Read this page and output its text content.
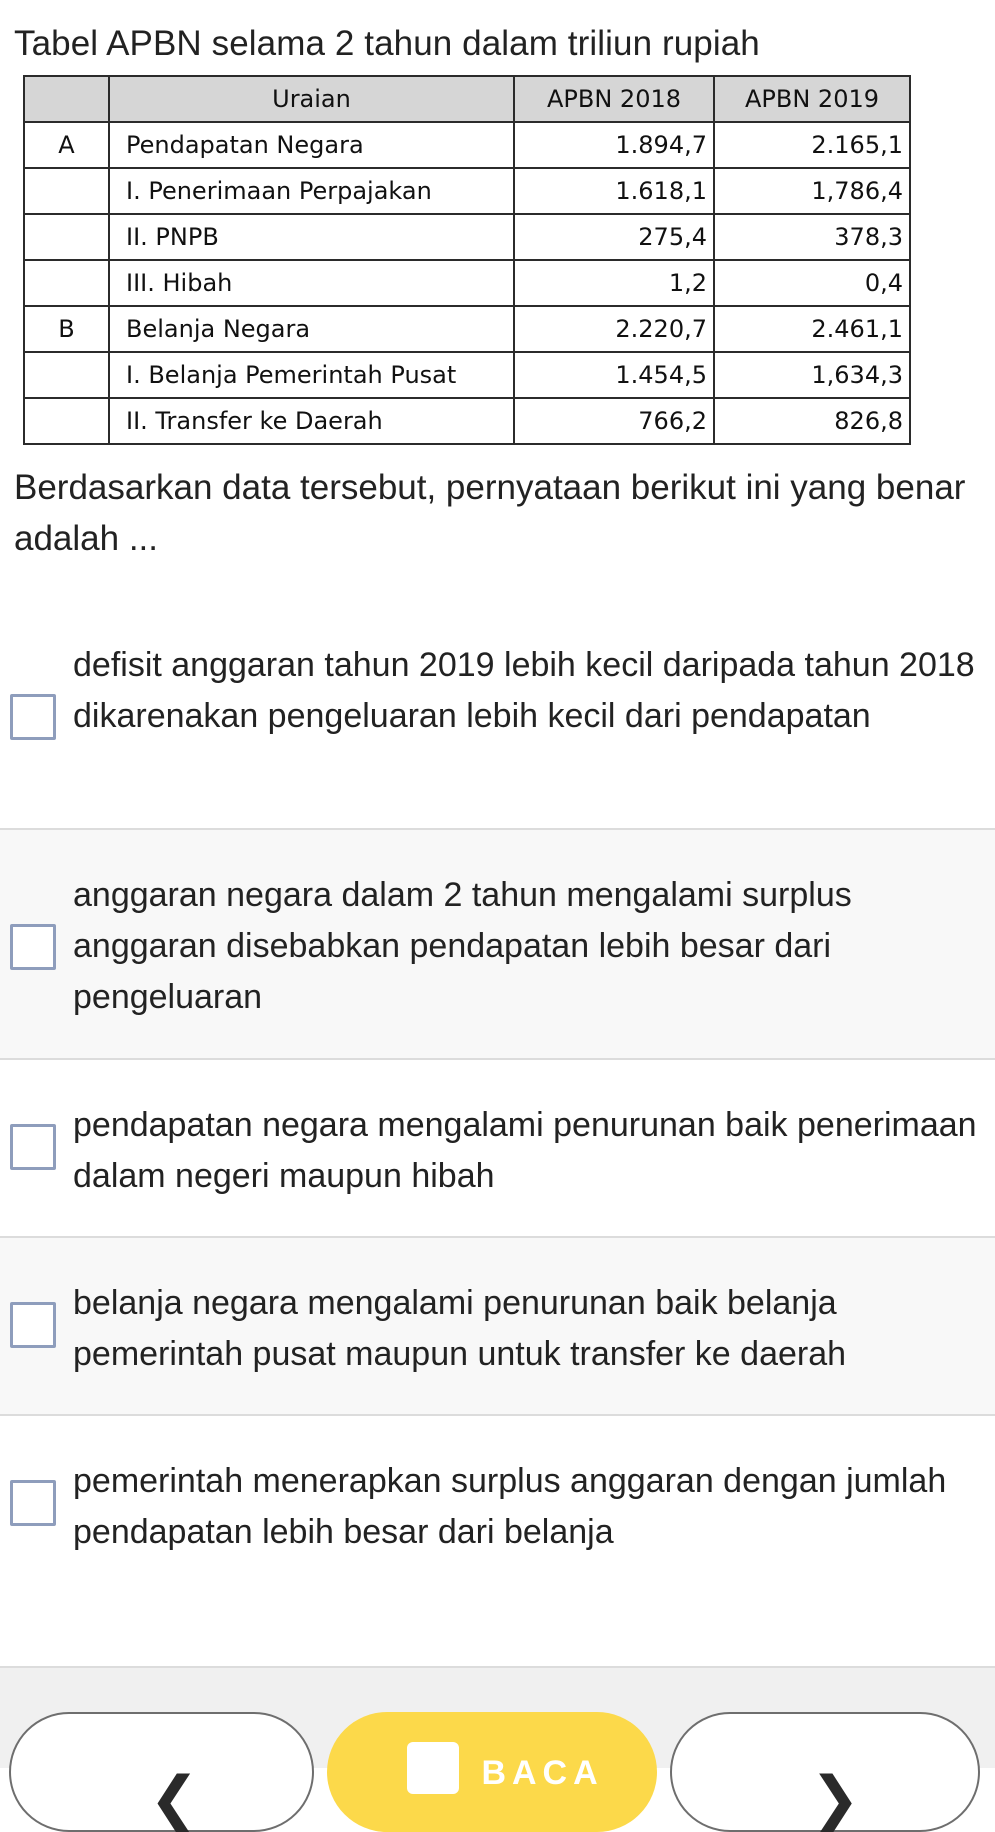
Tabel APBN selama 2 tahun dalam triliun rupiah
	Uraian	APBN 2018	APBN 2019
A	Pendapatan Negara	1.894,7	2.165,1
	I. Penerimaan Perpajakan	1.618,1	1,786,4
	II. PNPB	275,4	378,3
	III. Hibah	1,2	0,4
B	Belanja Negara	2.220,7	2.461,1
	I. Belanja Pemerintah Pusat	1.454,5	1,634,3
	II. Transfer ke Daerah	766,2	826,8
Berdasarkan data tersebut, pernyataan berikut ini yang benar adalah ...
defisit anggaran tahun 2019 lebih kecil daripada tahun 2018 dikarenakan pengeluaran lebih kecil dari pendapatan
anggaran negara dalam 2 tahun mengalami surplus anggaran disebabkan pendapatan lebih besar dari pengeluaran
pendapatan negara mengalami penurunan baik penerimaan dalam negeri maupun hibah
belanja negara mengalami penurunan baik belanja pemerintah pusat maupun untuk transfer ke daerah
pemerintah menerapkan surplus anggaran dengan jumlah pendapatan lebih besar dari belanja
❮	BACA	❯
